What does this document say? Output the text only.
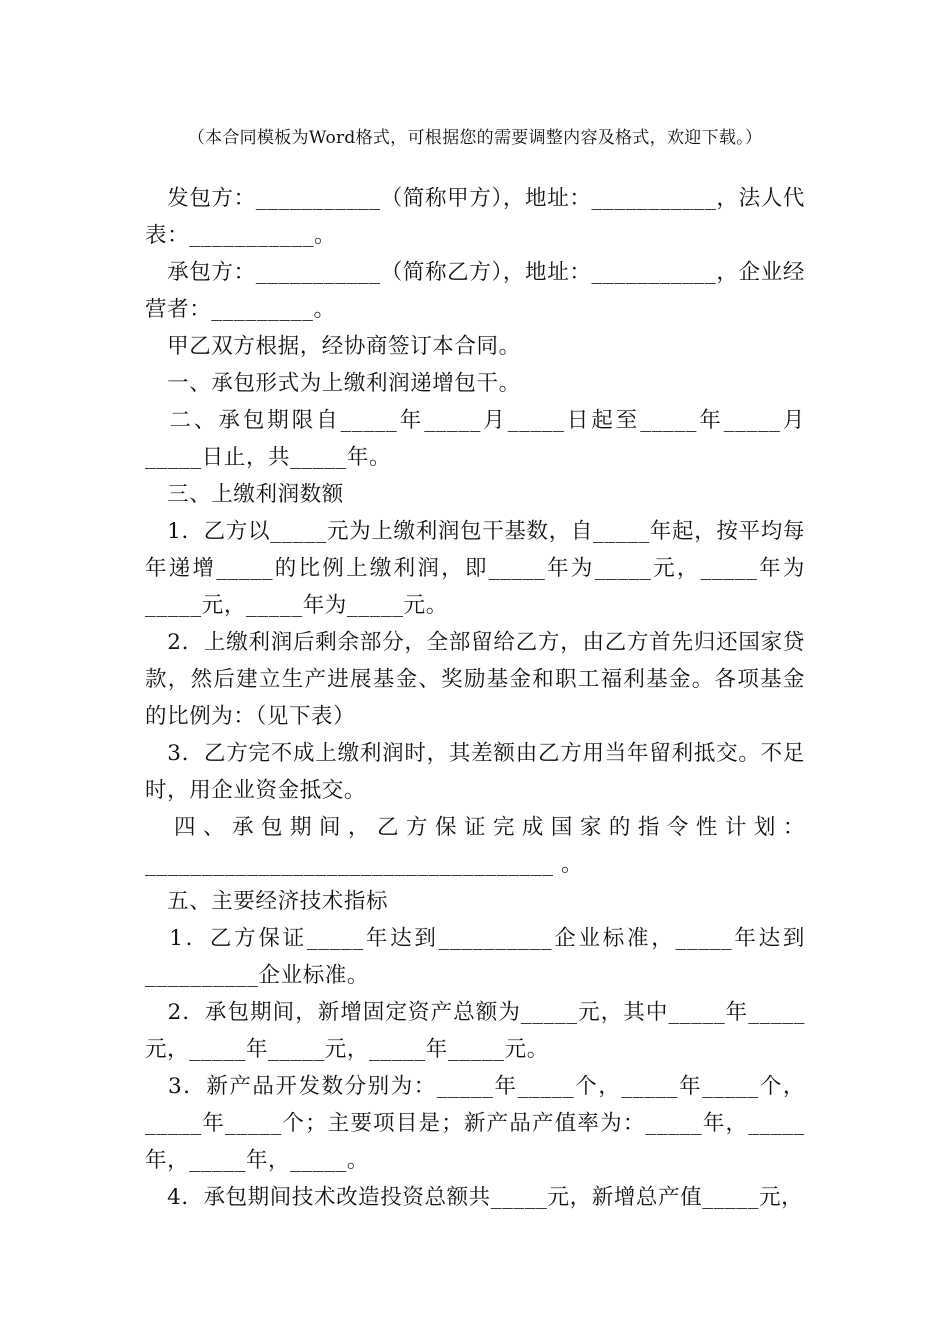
（本合同模板为Word格式，可根据您的需要调整内容及格式，欢迎下载。）

　发包方：___________（简称甲方），地址：___________，法人代表：___________。

　承包方：___________（简称乙方），地址：___________，企业经营者：_________。

　甲乙双方根据，经协商签订本合同。

　一、承包形式为上缴利润递增包干。

　二、承包期限自_____年_____月_____日起至_____年_____月_____日止，共_____年。

　三、上缴利润数额

　1．乙方以_____元为上缴利润包干基数，自_____年起，按平均每年递增_____的比例上缴利润，即_____年为_____元，_____年为_____元，_____年为_____元。

　2．上缴利润后剩余部分，全部留给乙方，由乙方首先归还国家贷款，然后建立生产进展基金、奖励基金和职工福利基金。各项基金的比例为：（见下表）

　3．乙方完不成上缴利润时，其差额由乙方用当年留利抵交。不足时，用企业资金抵交。

　四、承包期间，乙方保证完成国家的指令性计划：____________________________________ 。

　五、主要经济技术指标

　1．乙方保证_____年达到__________企业标准，_____年达到__________企业标准。

　2．承包期间，新增固定资产总额为_____元，其中_____年_____元，_____年_____元，_____年_____元。

　3．新产品开发数分别为：_____年_____个，_____年_____个，_____年_____个；主要项目是；新产品产值率为：_____年，_____年，_____年，_____。

　4．承包期间技术改造投资总额共_____元，新增总产值_____元，
